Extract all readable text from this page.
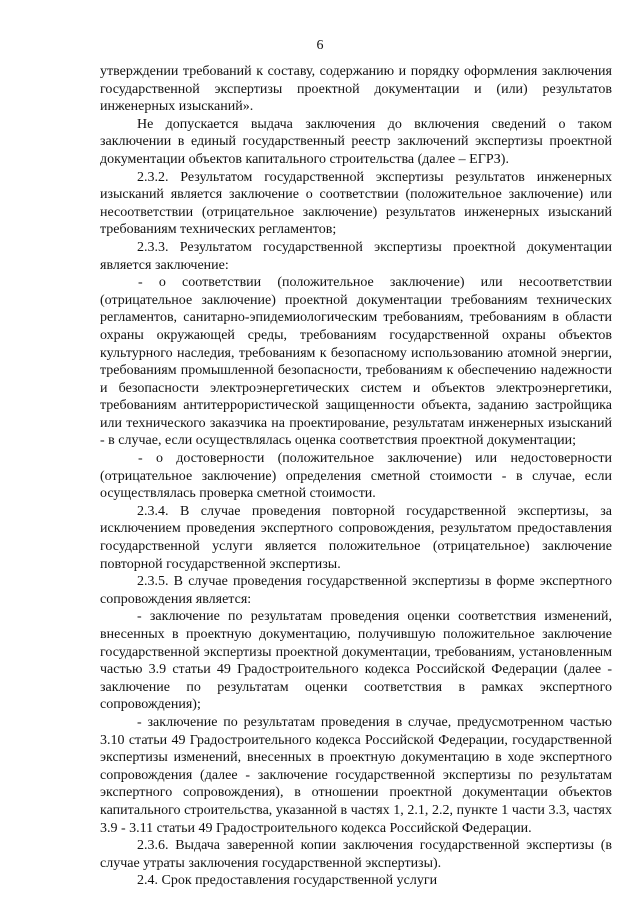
6

утверждении требований к составу, содержанию и порядку оформления заключения государственной экспертизы проектной документации и (или) результатов инженерных изысканий».

Не допускается выдача заключения до включения сведений о таком заключении в единый государственный реестр заключений экспертизы проектной документации объектов капитального строительства (далее – ЕГРЗ).

2.3.2. Результатом государственной экспертизы результатов инженерных изысканий является заключение о соответствии (положительное заключение) или несоответствии (отрицательное заключение) результатов инженерных изысканий требованиям технических регламентов;

2.3.3. Результатом государственной экспертизы проектной документации является заключение:

- о соответствии (положительное заключение) или несоответствии (отрицательное заключение) проектной документации требованиям технических регламентов, санитарно-эпидемиологическим требованиям, требованиям в области охраны окружающей среды, требованиям государственной охраны объектов культурного наследия, требованиям к безопасному использованию атомной энергии, требованиям промышленной безопасности, требованиям к обеспечению надежности и безопасности электроэнергетических систем и объектов электроэнергетики, требованиям антитеррористической защищенности объекта, заданию застройщика или технического заказчика на проектирование, результатам инженерных изысканий - в случае, если осуществлялась оценка соответствия проектной документации;

- о достоверности (положительное заключение) или недостоверности (отрицательное заключение) определения сметной стоимости - в случае, если осуществлялась проверка сметной стоимости.

2.3.4. В случае проведения повторной государственной экспертизы, за исключением проведения экспертного сопровождения, результатом предоставления государственной услуги является положительное (отрицательное) заключение повторной государственной экспертизы.

2.3.5. В случае проведения государственной экспертизы в форме экспертного сопровождения является:

- заключение по результатам проведения оценки соответствия изменений, внесенных в проектную документацию, получившую положительное заключение государственной экспертизы проектной документации, требованиям, установленным частью 3.9 статьи 49 Градостроительного кодекса Российской Федерации (далее - заключение по результатам оценки соответствия в рамках экспертного сопровождения);

- заключение по результатам проведения в случае, предусмотренном частью 3.10 статьи 49 Градостроительного кодекса Российской Федерации, государственной экспертизы изменений, внесенных в проектную документацию в ходе экспертного сопровождения (далее - заключение государственной экспертизы по результатам экспертного сопровождения), в отношении проектной документации объектов капитального строительства, указанной в частях 1, 2.1, 2.2, пункте 1 части 3.3, частях 3.9 - 3.11 статьи 49 Градостроительного кодекса Российской Федерации.

2.3.6. Выдача заверенной копии заключения государственной экспертизы (в случае утраты заключения государственной экспертизы).

2.4. Срок предоставления государственной услуги
